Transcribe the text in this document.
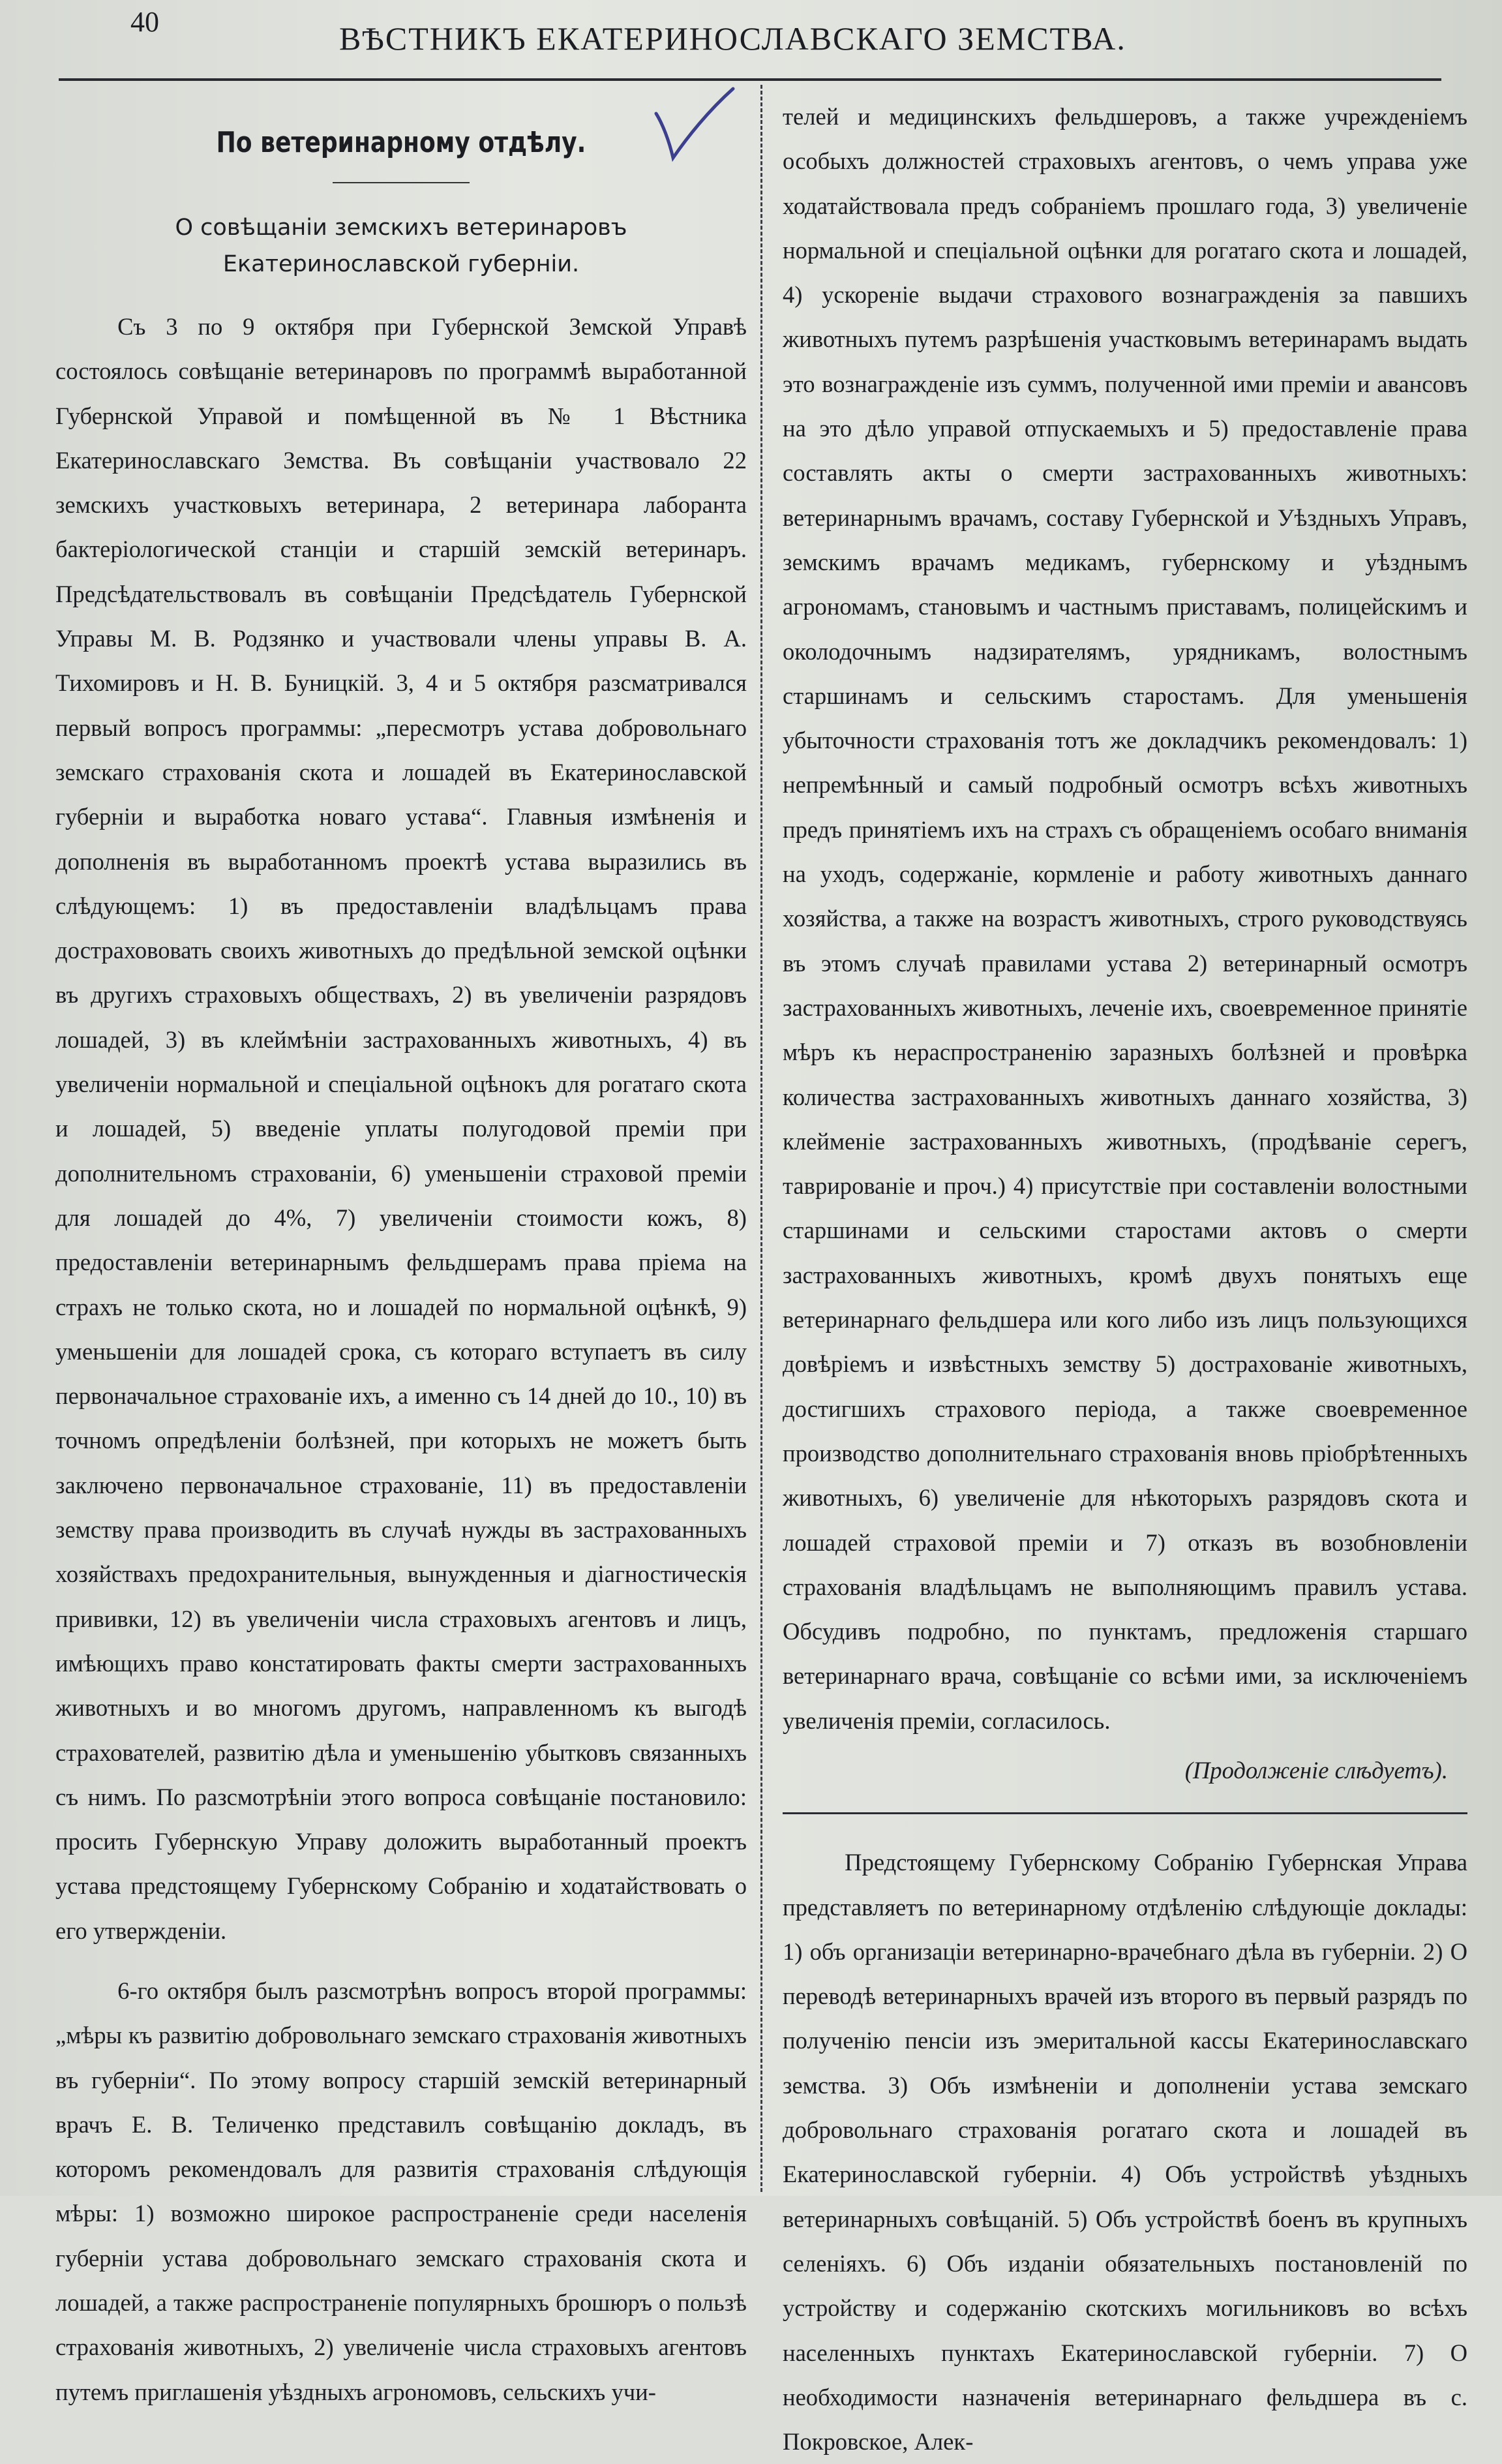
40	ВѢСТНИКЪ ЕКАТЕРИНОСЛАВСКАГО ЗЕМСТВА.
По ветеринарному отдѣлу.
О совѣщаніи земскихъ ветеринаровъ Екатеринославской губерніи.

Съ 3 по 9 октября при Губернской Земской Управѣ состоялось совѣщаніе ветеринаровъ по программѣ выработанной Губернской Управой и помѣщенной въ № 1 Вѣстника Екатеринославскаго Земства. Въ совѣщаніи участвовало 22 земскихъ участковыхъ ветеринара, 2 ветеринара лаборанта бактеріологической станціи и старшій земскій ветеринаръ. Предсѣдательствовалъ въ совѣщаніи Предсѣдатель Губернской Управы М. В. Родзянко и участвовали члены управы В. А. Тихомировъ и Н. В. Буницкій. 3, 4 и 5 октября разсматривался первый вопросъ программы: „пересмотръ устава добровольнаго земскаго страхованія скота и лошадей въ Екатеринославской губерніи и выработка новаго устава“. Главныя измѣненія и дополненія въ выработанномъ проектѣ устава выразились въ слѣдующемъ: 1) въ предоставленіи владѣльцамъ права дострахововать своихъ животныхъ до предѣльной земской оцѣнки въ другихъ страховыхъ обществахъ, 2) въ увеличеніи разрядовъ лошадей, 3) въ клеймѣніи застрахованныхъ животныхъ, 4) въ увеличеніи нормальной и спеціальной оцѣнокъ для рогатаго скота и лошадей, 5) введеніе уплаты полугодовой преміи при дополнительномъ страхованіи, 6) уменьшеніи страховой преміи для лошадей до 4%, 7) увеличеніи стоимости кожъ, 8) предоставленіи ветеринарнымъ фельдшерамъ права пріема на страхъ не только скота, но и лошадей по нормальной оцѣнкѣ, 9) уменьшеніи для лошадей срока, съ котораго вступаетъ въ силу первоначальное страхованіе ихъ, а именно съ 14 дней до 10., 10) въ точномъ опредѣленіи болѣзней, при которыхъ не можетъ быть заключено первоначальное страхованіе, 11) въ предоставленіи земству права производить въ случаѣ нужды въ застрахованныхъ хозяйствахъ предохранительныя, вынужденныя и діагностическія прививки, 12) въ увеличеніи числа страховыхъ агентовъ и лицъ, имѣющихъ право констатировать факты смерти застрахованныхъ животныхъ и во многомъ другомъ, направленномъ къ выгодѣ страхователей, развитію дѣла и уменьшенію убытковъ связанныхъ съ нимъ. По разсмотрѣніи этого вопроса совѣщаніе постановило: просить Губернскую Управу доложить выработанный проектъ устава предстоящему Губернскому Собранію и ходатайствовать о его утвержденіи.

6-го октября былъ разсмотрѣнъ вопросъ второй программы: „мѣры къ развитію добровольнаго земскаго страхованія животныхъ въ губерніи“. По этому вопросу старшій земскій ветеринарный врачъ Е. В. Теличенко представилъ совѣщанію докладъ, въ которомъ рекомендовалъ для развитія страхованія слѣдующія мѣры: 1) возможно широкое распространеніе среди населенія губерніи устава добровольнаго земскаго страхованія скота и лошадей, а также распространеніе популярныхъ брошюръ о пользѣ страхованія животныхъ, 2) увеличеніе числа страховыхъ агентовъ путемъ приглашенія уѣздныхъ агрономовъ, сельскихъ учи-

телей и медицинскихъ фельдшеровъ, а также учрежденіемъ особыхъ должностей страховыхъ агентовъ, о чемъ управа уже ходатайствовала предъ собраніемъ прошлаго года, 3) увеличеніе нормальной и спеціальной оцѣнки для рогатаго скота и лошадей, 4) ускореніе выдачи страхового вознагражденія за павшихъ животныхъ путемъ разрѣшенія участковымъ ветеринарамъ выдать это вознагражденіе изъ суммъ, полученной ими преміи и авансовъ на это дѣло управой отпускаемыхъ и 5) предоставленіе права составлять акты о смерти застрахованныхъ животныхъ: ветеринарнымъ врачамъ, составу Губернской и Уѣздныхъ Управъ, земскимъ врачамъ медикамъ, губернскому и уѣзднымъ агрономамъ, становымъ и частнымъ приставамъ, полицейскимъ и околодочнымъ надзирателямъ, урядникамъ, волостнымъ старшинамъ и сельскимъ старостамъ. Для уменьшенія убыточности страхованія тотъ же докладчикъ рекомендовалъ: 1) непремѣнный и самый подробный осмотръ всѣхъ животныхъ предъ принятіемъ ихъ на страхъ съ обращеніемъ особаго вниманія на уходъ, содержаніе, кормленіе и работу животныхъ даннаго хозяйства, а также на возрастъ животныхъ, строго руководствуясь въ этомъ случаѣ правилами устава 2) ветеринарный осмотръ застрахованныхъ животныхъ, леченіе ихъ, своевременное принятіе мѣръ къ нераспространенію заразныхъ болѣзней и провѣрка количества застрахованныхъ животныхъ даннаго хозяйства, 3) клейменіе застрахованныхъ животныхъ, (продѣваніе серегъ, таврированіе и проч.) 4) присутствіе при составленіи волостными старшинами и сельскими старостами актовъ о смерти застрахованныхъ животныхъ, кромѣ двухъ понятыхъ еще ветеринарнаго фельдшера или кого либо изъ лицъ пользующихся довѣріемъ и извѣстныхъ земству 5) дострахованіе животныхъ, достигшихъ страхового періода, а также своевременное производство дополнительнаго страхованія вновь пріобрѣтенныхъ животныхъ, 6) увеличеніе для нѣкоторыхъ разрядовъ скота и лошадей страховой преміи и 7) отказъ въ возобновленіи страхованія владѣльцамъ не выполняющимъ правилъ устава. Обсудивъ подробно, по пунктамъ, предложенія старшаго ветеринарнаго врача, совѣщаніе со всѣми ими, за исключеніемъ увеличенія преміи, согласилось.

(Продолженіе слѣдуетъ).

Предстоящему Губернскому Собранію Губернская Управа представляетъ по ветеринарному отдѣленію слѣдующіе доклады: 1) объ организаціи ветеринарно-врачебнаго дѣла въ губерніи. 2) О переводѣ ветеринарныхъ врачей изъ второго въ первый разрядъ по полученію пенсіи изъ эмеритальной кассы Екатеринославскаго земства. 3) Объ измѣненіи и дополненіи устава земскаго добровольнаго страхованія рогатаго скота и лошадей въ Екатеринославской губерніи. 4) Объ устройствѣ уѣздныхъ ветеринарныхъ совѣщаній. 5) Объ устройствѣ боенъ въ крупныхъ селеніяхъ. 6) Объ изданіи обязательныхъ постановленій по устройству и содержанію скотскихъ могильниковъ во всѣхъ населенныхъ пунктахъ Екатеринославской губерніи. 7) О необходимости назначенія ветеринарнаго фельдшера въ с. Покровское, Алек-
